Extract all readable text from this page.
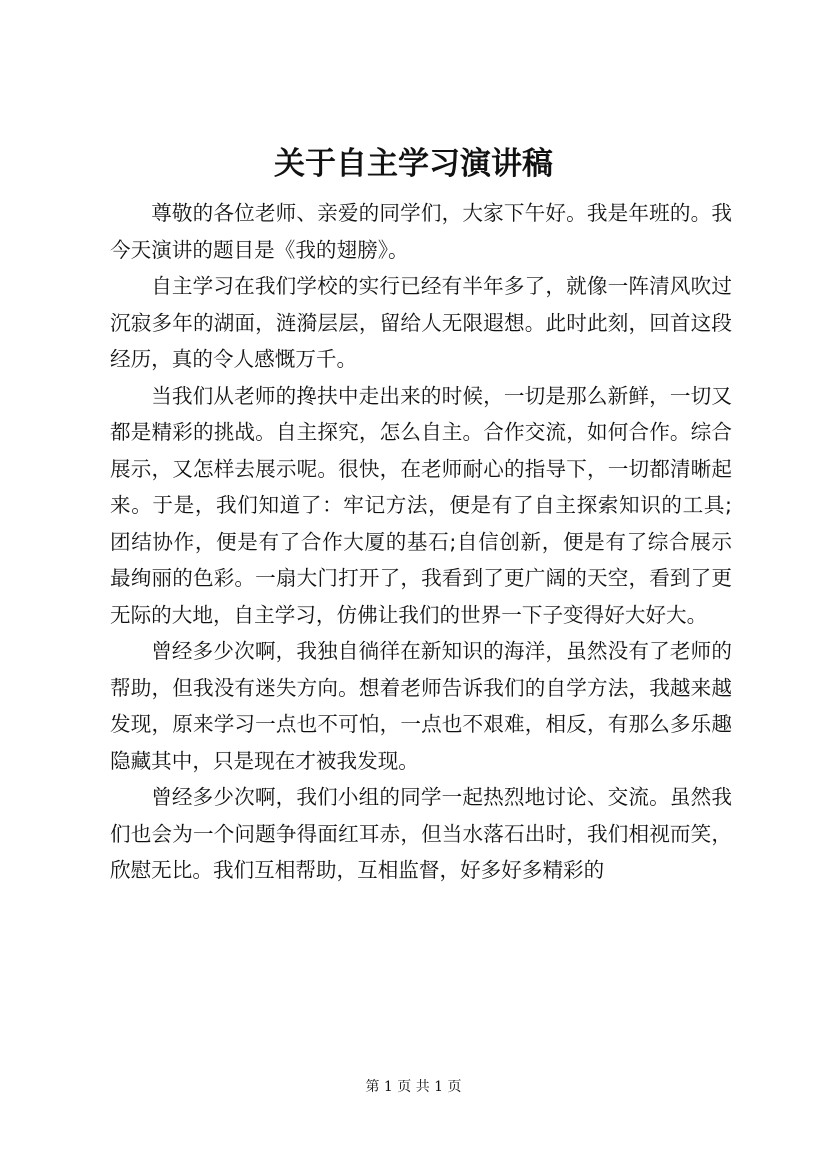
关于自主学习演讲稿

尊敬的各位老师、亲爱的同学们，大家下午好。我是年班的。我今天演讲的题目是《我的翅膀》。

自主学习在我们学校的实行已经有半年多了，就像一阵清风吹过沉寂多年的湖面，涟漪层层，留给人无限遐想。此时此刻，回首这段经历，真的令人感慨万千。

当我们从老师的搀扶中走出来的时候，一切是那么新鲜，一切又都是精彩的挑战。自主探究，怎么自主。合作交流，如何合作。综合展示，又怎样去展示呢。很快，在老师耐心的指导下，一切都清晰起来。于是，我们知道了：牢记方法，便是有了自主探索知识的工具;团结协作，便是有了合作大厦的基石;自信创新，便是有了综合展示最绚丽的色彩。一扇大门打开了，我看到了更广阔的天空，看到了更无际的大地，自主学习，仿佛让我们的世界一下子变得好大好大。

曾经多少次啊，我独自徜徉在新知识的海洋，虽然没有了老师的帮助，但我没有迷失方向。想着老师告诉我们的自学方法，我越来越发现，原来学习一点也不可怕，一点也不艰难，相反，有那么多乐趣隐藏其中，只是现在才被我发现。

曾经多少次啊，我们小组的同学一起热烈地讨论、交流。虽然我们也会为一个问题争得面红耳赤，但当水落石出时，我们相视而笑，欣慰无比。我们互相帮助，互相监督，好多好多精彩的

第 1 页 共 1 页
